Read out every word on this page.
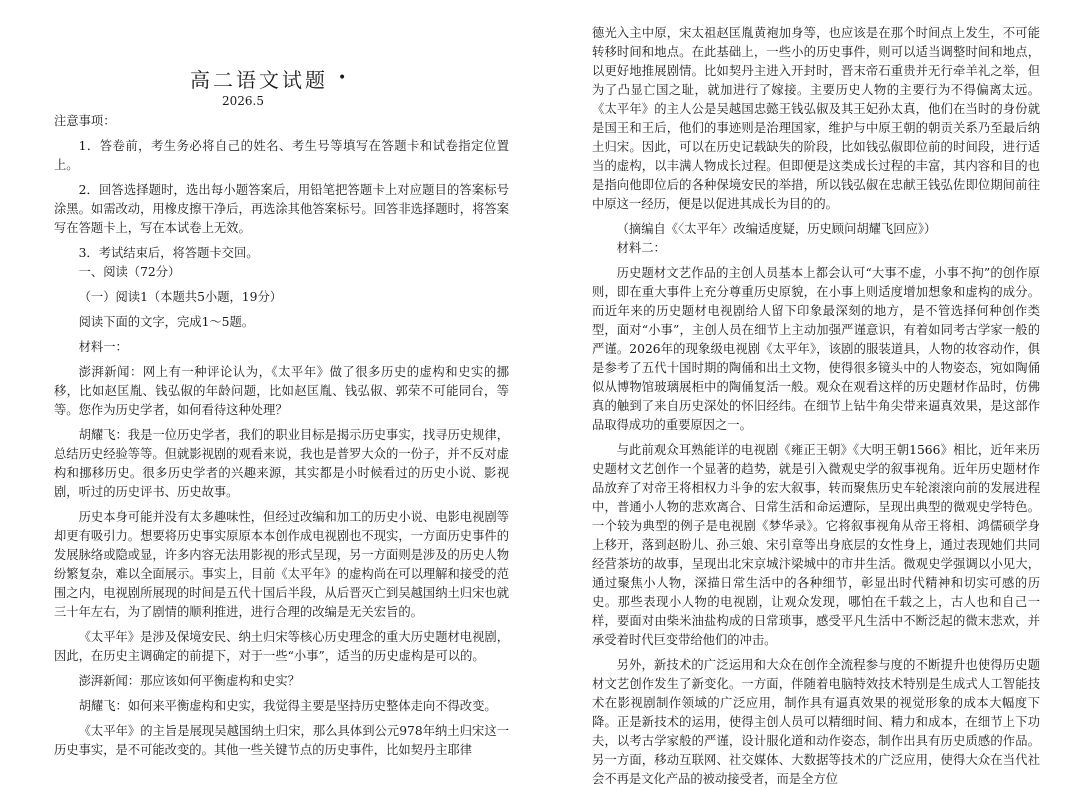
高二语文试题 •
2026.5

注意事项：

1．答卷前，考生务必将自己的姓名、考生号等填写在答题卡和试卷指定位置上。

2．回答选择题时，选出每小题答案后，用铅笔把答题卡上对应题目的答案标号涂黑。如需改动，用橡皮擦干净后，再选涂其他答案标号。回答非选择题时，将答案写在答题卡上，写在本试卷上无效。

3．考试结束后，将答题卡交回。

一、阅读（72分）

（一）阅读1（本题共5小题，19分）

阅读下面的文字，完成1～5题。

材料一：

澎湃新闻：网上有一种评论认为，《太平年》做了很多历史的虚构和史实的挪移，比如赵匡胤、钱弘俶的年龄问题，比如赵匡胤、钱弘俶、郭荣不可能同台，等等。您作为历史学者，如何看待这种处理？

胡耀飞：我是一位历史学者，我们的职业目标是揭示历史事实，找寻历史规律，总结历史经验等等。但就影视剧的观看来说，我也是普罗大众的一份子，并不反对虚构和挪移历史。很多历史学者的兴趣来源，其实都是小时候看过的历史小说、影视剧，听过的历史评书、历史故事。

历史本身可能并没有太多趣味性，但经过改编和加工的历史小说、电影电视剧等却更有吸引力。想要将历史事实原原本本创作成电视剧也不现实，一方面历史事件的发展脉络或隐或显，许多内容无法用影视的形式呈现，另一方面则是涉及的历史人物纷繁复杂，难以全面展示。事实上，目前《太平年》的虚构尚在可以理解和接受的范围之内，电视剧所展现的时间是五代十国后半段，从后晋灭亡到吴越国纳土归宋也就三十年左右，为了剧情的顺利推进，进行合理的改编是无关宏旨的。

《太平年》是涉及保境安民、纳土归宋等核心历史理念的重大历史题材电视剧，因此，在历史主调确定的前提下，对于一些“小事”，适当的历史虚构是可以的。

澎湃新闻：那应该如何平衡虚构和史实？

胡耀飞：如何来平衡虚构和史实，我觉得主要是坚持历史整体走向不得改变。

《太平年》的主旨是展现吴越国纳土归宋，那么具体到公元978年纳土归宋这一历史事实，是不可能改变的。其他一些关键节点的历史事件，比如契丹主耶律

德光入主中原，宋太祖赵匡胤黄袍加身等，也应该是在那个时间点上发生，不可能转移时间和地点。在此基础上，一些小的历史事件，则可以适当调整时间和地点，以更好地推展剧情。比如契丹主进入开封时，晋末帝石重贵并无行牵羊礼之举，但为了凸显亡国之耻，就加进行了嫁接。主要历史人物的主要行为不得偏离太远。《太平年》的主人公是吴越国忠懿王钱弘俶及其王妃孙太真，他们在当时的身份就是国王和王后，他们的事迹则是治理国家，维护与中原王朝的朝贡关系乃至最后纳土归宋。因此，可以在历史记载缺失的阶段，比如钱弘俶即位前的时间段，进行适当的虚构，以丰满人物成长过程。但即便是这类成长过程的丰富，其内容和目的也是指向他即位后的各种保境安民的举措，所以钱弘俶在忠献王钱弘佐即位期间前往中原这一经历，便是以促进其成长为目的的。

（摘编自《〈太平年〉改编适度疑，历史顾问胡耀飞回应》）

材料二：

历史题材文艺作品的主创人员基本上都会认可“大事不虚，小事不拘”的创作原则，即在重大事件上充分尊重历史原貌，在小事上则适度增加想象和虚构的成分。而近年来的历史题材电视剧给人留下印象最深刻的地方，是不管选择何种创作类型，面对“小事”，主创人员在细节上主动加强严谨意识，有着如同考古学家一般的严谨。2026年的现象级电视剧《太平年》，该剧的服装道具，人物的妆容动作，俱是参考了五代十国时期的陶俑和出土文物，使得很多镜头中的人物姿态，宛如陶俑似从博物馆玻璃展柜中的陶俑复活一般。观众在观看这样的历史题材作品时，仿佛真的触到了来自历史深处的怀旧经纬。在细节上钻牛角尖带来逼真效果，是这部作品取得成功的重要原因之一。

与此前观众耳熟能详的电视剧《雍正王朝》《大明王朝1566》相比，近年来历史题材文艺创作一个显著的趋势，就是引入微观史学的叙事视角。近年历史题材作品放弃了对帝王将相权力斗争的宏大叙事，转而聚焦历史车轮滚滚向前的发展进程中，普通小人物的悲欢离合、日常生活和命运遭际，呈现出典型的微观史学特色。一个较为典型的例子是电视剧《梦华录》。它将叙事视角从帝王将相、鸿儒硕学身上移开，落到赵盼儿、孙三娘、宋引章等出身底层的女性身上，通过表现她们共同经营茶坊的故事，呈现出北宋京城汴梁城中的市井生活。微观史学强调以小见大，通过聚焦小人物，深描日常生活中的各种细节，彰显出时代精神和切实可感的历史。那些表现小人物的电视剧，让观众发现，哪怕在千载之上，古人也和自己一样，要面对由柴米油盐构成的日常琐事，感受平凡生活中不断泛起的微末悲欢，并承受着时代巨变带给他们的冲击。

另外，新技术的广泛运用和大众在创作全流程参与度的不断提升也使得历史题材文艺创作发生了新变化。一方面，伴随着电脑特效技术特别是生成式人工智能技术在影视剧制作领域的广泛应用，制作具有逼真效果的视觉形象的成本大幅度下降。正是新技术的运用，使得主创人员可以精细时间、精力和成本，在细节上下功夫，以考古学家般的严谨，设计服化道和动作姿态，制作出具有历史质感的作品。另一方面，移动互联网、社交媒体、大数据等技术的广泛应用，使得大众在当代社会不再是文化产品的被动接受者，而是全方位
